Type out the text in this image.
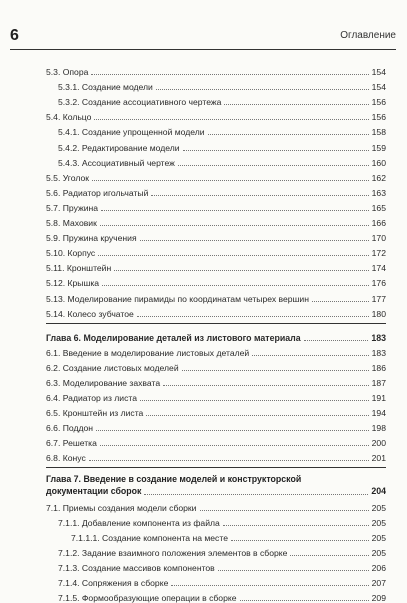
6	Оглавление
5.3. Опора	154
5.3.1. Создание модели	154
5.3.2. Создание ассоциативного чертежа	156
5.4. Кольцо	156
5.4.1. Создание упрощенной модели	158
5.4.2. Редактирование модели	159
5.4.3. Ассоциативный чертеж	160
5.5. Уголок	162
5.6. Радиатор игольчатый	163
5.7. Пружина	165
5.8. Маховик	166
5.9. Пружина кручения	170
5.10. Корпус	172
5.11. Кронштейн	174
5.12. Крышка	176
5.13. Моделирование пирамиды по координатам четырех вершин	177
5.14. Колесо зубчатое	180
Глава 6. Моделирование деталей из листового материала	183
6.1. Введение в моделирование листовых деталей	183
6.2. Создание листовых моделей	186
6.3. Моделирование захвата	187
6.4. Радиатор из листа	191
6.5. Кронштейн из листа	194
6.6. Поддон	198
6.7. Решетка	200
6.8. Конус	201
Глава 7. Введение в создание моделей и конструкторской
документации сборок	204
7.1. Приемы создания модели сборки	205
7.1.1. Добавление компонента из файла	205
7.1.1.1. Создание компонента на месте	205
7.1.2. Задание взаимного положения элементов в сборке	205
7.1.3. Создание массивов компонентов	206
7.1.4. Сопряжения в сборке	207
7.1.5. Формообразующие операции в сборке	209
